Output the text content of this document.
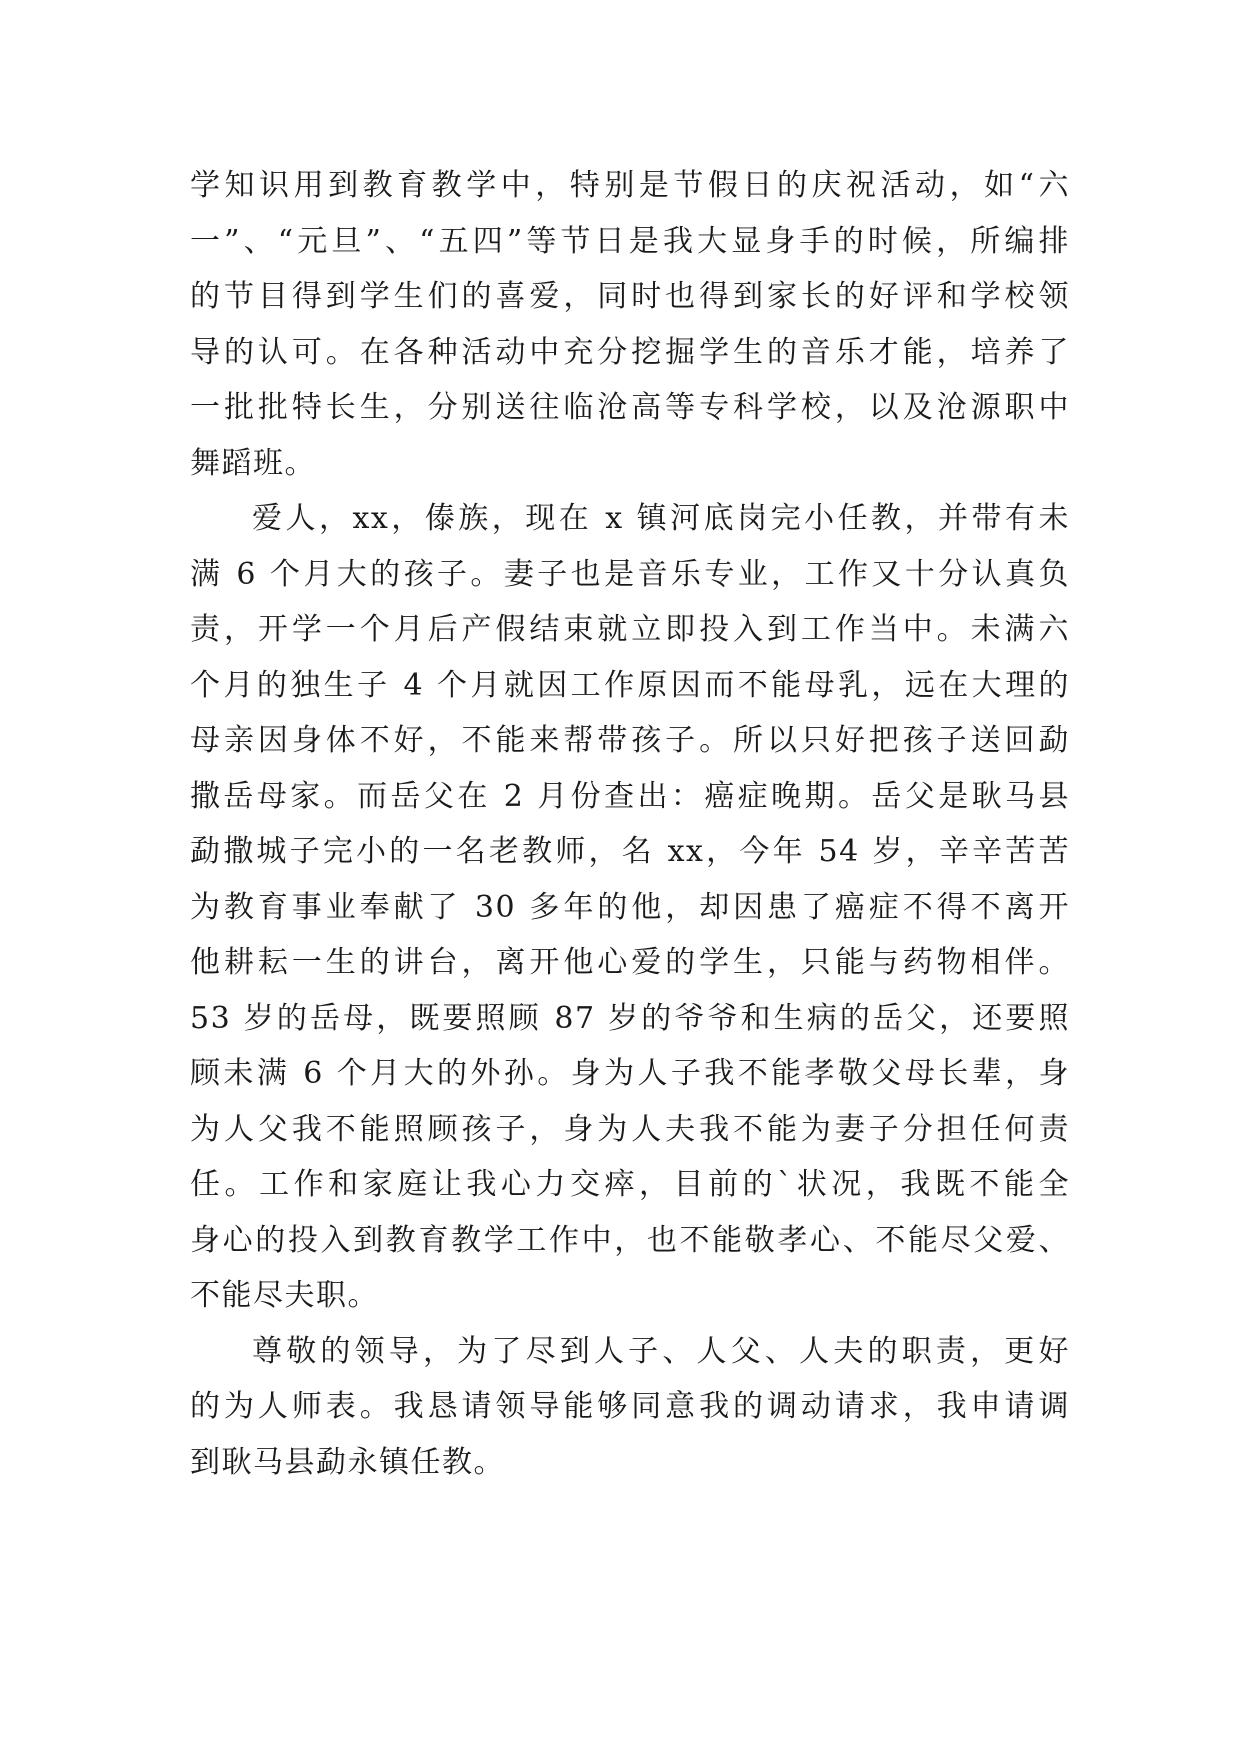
学知识用到教育教学中，特别是节假日的庆祝活动，如“六
一”、“元旦”、“五四”等节日是我大显身手的时候，所编排
的节目得到学生们的喜爱，同时也得到家长的好评和学校领
导的认可。在各种活动中充分挖掘学生的音乐才能，培养了
一批批特长生，分别送往临沧高等专科学校，以及沧源职中
舞蹈班。
爱人，xx，傣族，现在 x 镇河底岗完小任教，并带有未
满 6 个月大的孩子。妻子也是音乐专业，工作又十分认真负
责，开学一个月后产假结束就立即投入到工作当中。未满六
个月的独生子 4 个月就因工作原因而不能母乳，远在大理的
母亲因身体不好，不能来帮带孩子。所以只好把孩子送回勐
撒岳母家。而岳父在 2 月份查出：癌症晚期。岳父是耿马县
勐撒城子完小的一名老教师，名 xx，今年 54 岁，辛辛苦苦
为教育事业奉献了 30 多年的他，却因患了癌症不得不离开
他耕耘一生的讲台，离开他心爱的学生，只能与药物相伴。
53 岁的岳母，既要照顾 87 岁的爷爷和生病的岳父，还要照
顾未满 6 个月大的外孙。身为人子我不能孝敬父母长辈，身
为人父我不能照顾孩子，身为人夫我不能为妻子分担任何责
任。工作和家庭让我心力交瘁，目前的`状况，我既不能全
身心的投入到教育教学工作中，也不能敬孝心、不能尽父爱、
不能尽夫职。
尊敬的领导，为了尽到人子、人父、人夫的职责，更好
的为人师表。我恳请领导能够同意我的调动请求，我申请调
到耿马县勐永镇任教。
